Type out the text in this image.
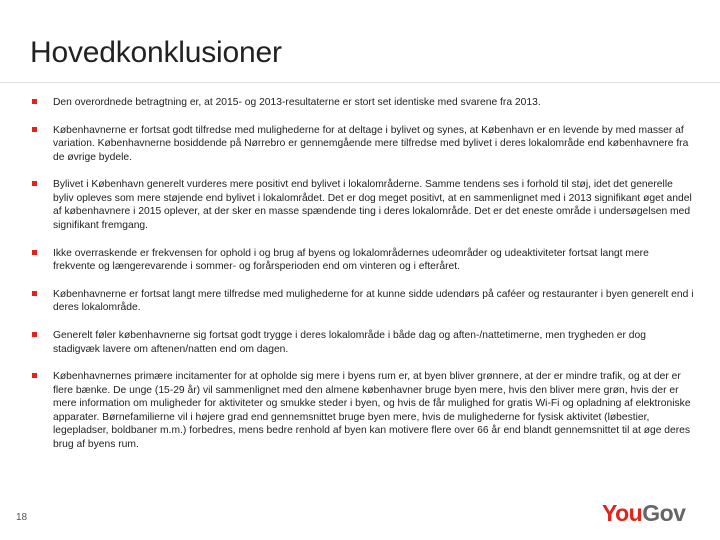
Hovedkonklusioner
Den overordnede betragtning er, at 2015- og 2013-resultaterne er stort set identiske med svarene fra 2013.
Københavnerne er fortsat godt tilfredse med mulighederne for at deltage i bylivet og synes, at København er en levende by med masser af variation. Københavnerne bosiddende på Nørrebro er gennemgående mere tilfredse med bylivet i deres lokalområde end københavnere fra de øvrige bydele.
Bylivet i København generelt vurderes mere positivt end bylivet i lokalområderne. Samme tendens ses i forhold til støj, idet det generelle byliv opleves som mere støjende end bylivet i lokalområdet. Det er dog meget positivt, at en sammenlignet med i 2013 signifikant øget andel af københavnere i 2015 oplever, at der sker en masse spændende ting i deres lokalområde. Det er det eneste område i undersøgelsen med signifikant fremgang.
Ikke overraskende er frekvensen for ophold i og brug af byens og lokalområdernes udeområder og udeaktiviteter fortsat langt mere frekvente og længerevarende i sommer- og forårsperioden end om vinteren og i efteråret.
Københavnerne er fortsat langt mere tilfredse med mulighederne for at kunne sidde udendørs på caféer og restauranter i byen generelt end i deres lokalområde.
Generelt føler københavnerne sig fortsat godt trygge i deres lokalområde i både dag og aften-/nattetimerne, men trygheden er dog stadigvæk lavere om aftenen/natten end om dagen.
Københavnernes primære incitamenter for at opholde sig mere i byens rum er, at byen bliver grønnere, at der er mindre trafik, og at der er flere bænke. De unge (15-29 år) vil sammenlignet med den almene københavner bruge byen mere, hvis den bliver mere grøn, hvis der er mere information om muligheder for aktiviteter og smukke steder i byen, og hvis de får mulighed for gratis Wi-Fi og opladning af elektroniske apparater. Børnefamilierne vil i højere grad end gennemsnittet bruge byen mere, hvis de mulighederne for fysisk aktivitet (løbestier, legepladser, boldbaner m.m.) forbedres, mens bedre renhold af byen kan motivere flere over 66 år end blandt gennemsnittet til at øge deres brug af byens rum.
18	YouGov
